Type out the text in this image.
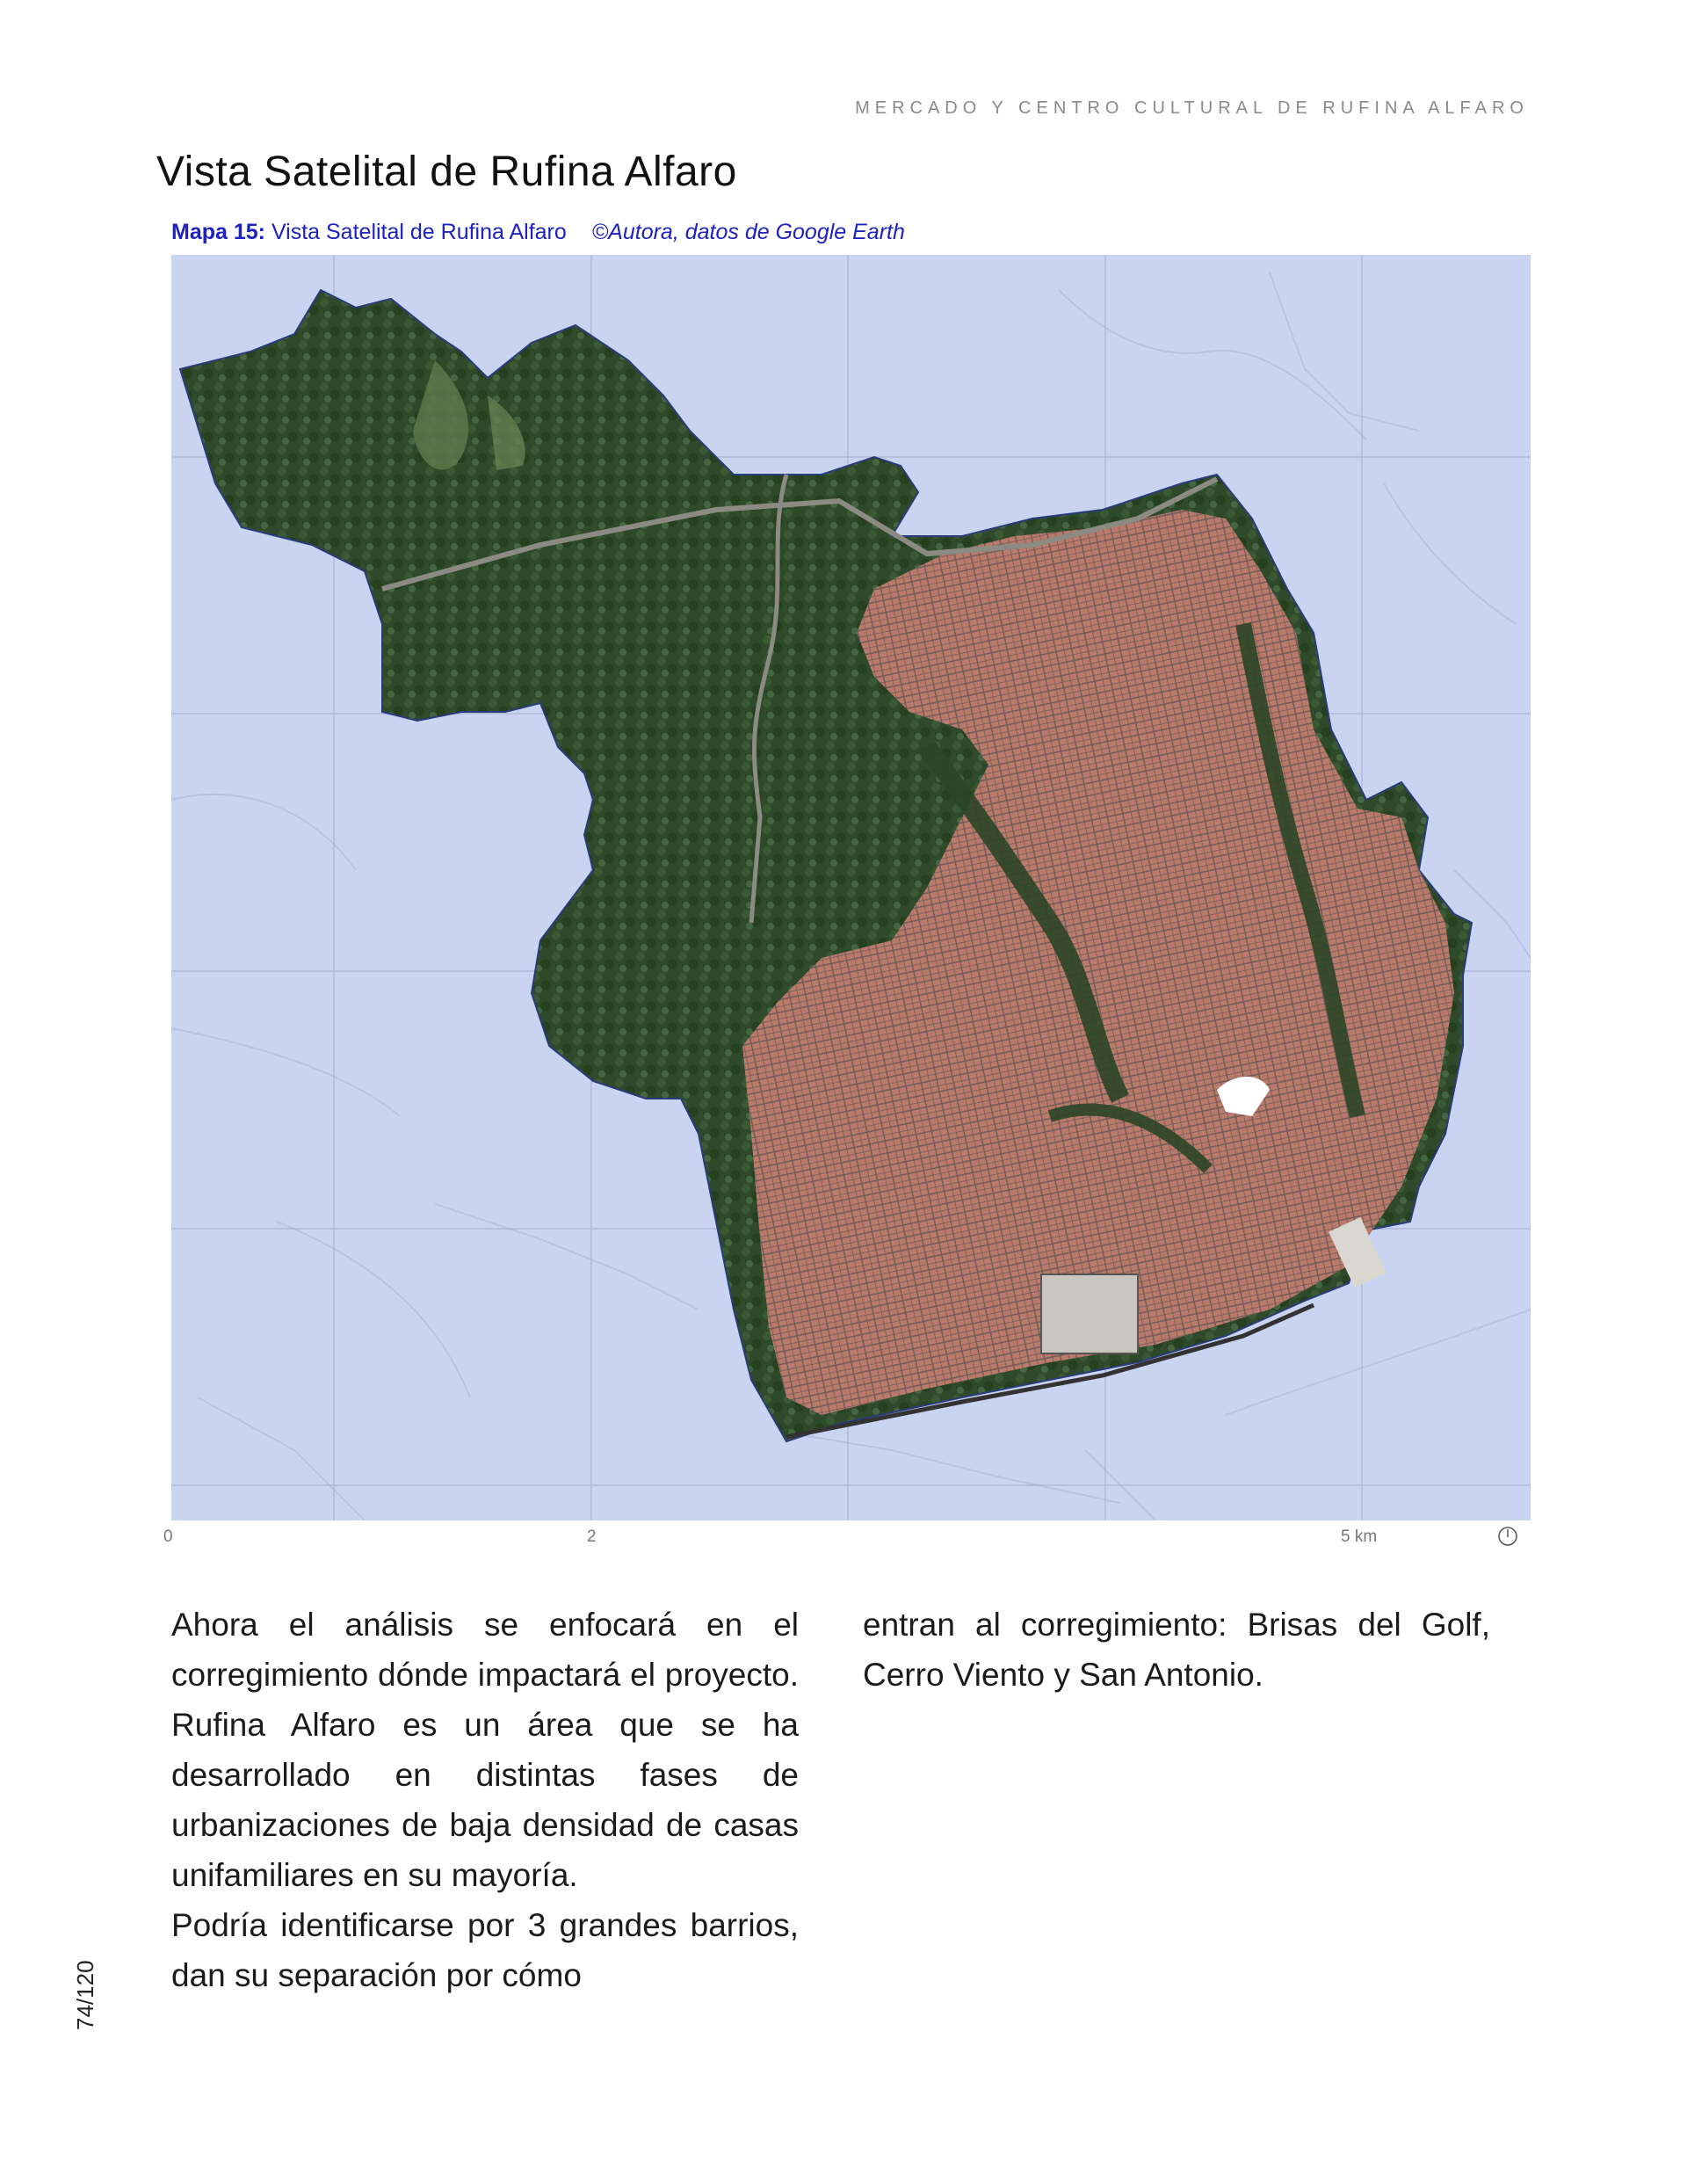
MERCADO Y CENTRO CULTURAL DE RUFINA ALFARO
Vista Satelital de Rufina Alfaro
Mapa 15: Vista Satelital de Rufina Alfaro ©Autora, datos de Google Earth
0	2	5 km

Ahora el análisis se enfocará en el corregimiento dónde impactará el proyecto. Rufina Alfaro es un área que se ha desarrollado en distintas fases de urbanizaciones de baja densidad de casas unifamiliares en su mayoría.

Podría identificarse por 3 grandes barrios, dan su separación por cómo

entran al corregimiento: Brisas del Golf, Cerro Viento y San Antonio.

74/120
